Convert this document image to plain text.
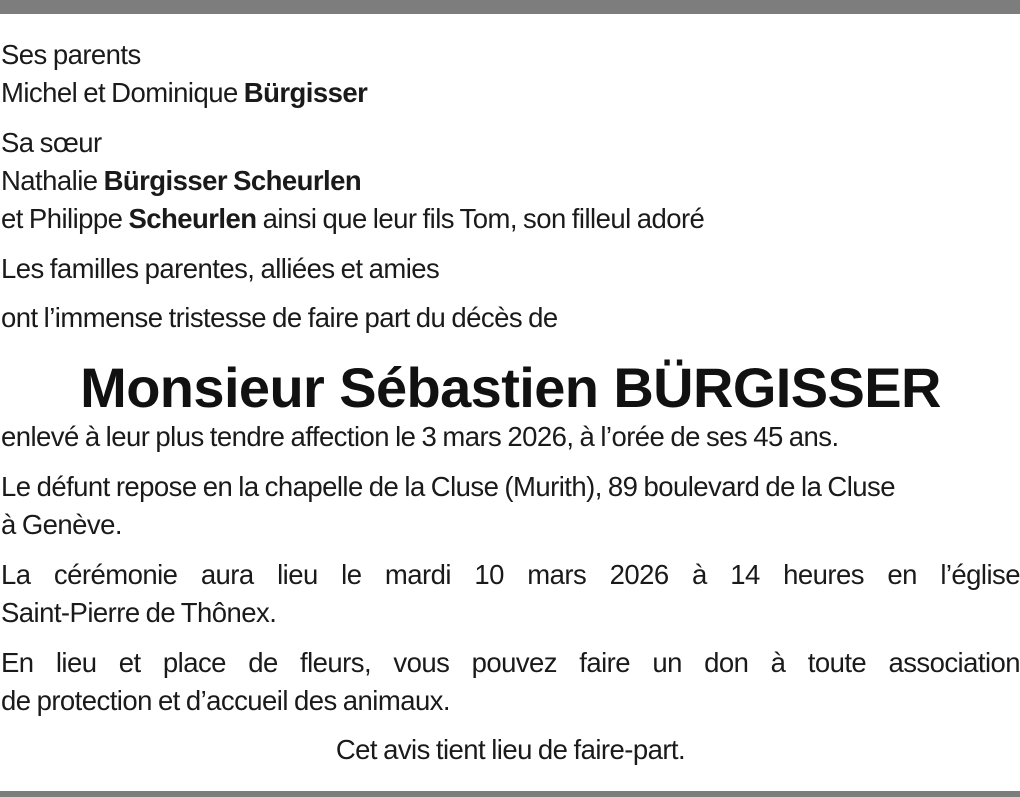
Ses parents
Michel et Dominique Bürgisser
Sa sœur
Nathalie Bürgisser Scheurlen
et Philippe Scheurlen ainsi que leur fils Tom, son filleul adoré
Les familles parentes, alliées et amies
ont l’immense tristesse de faire part du décès de
Monsieur Sébastien BÜRGISSER
enlevé à leur plus tendre affection le 3 mars 2026, à l’orée de ses 45 ans.
Le défunt repose en la chapelle de la Cluse (Murith), 89 boulevard de la Cluse
à Genève.
La cérémonie aura lieu le mardi 10 mars 2026 à 14 heures en l’église
Saint-Pierre de Thônex.
En lieu et place de fleurs, vous pouvez faire un don à toute association
de protection et d’accueil des animaux.
Cet avis tient lieu de faire-part.
